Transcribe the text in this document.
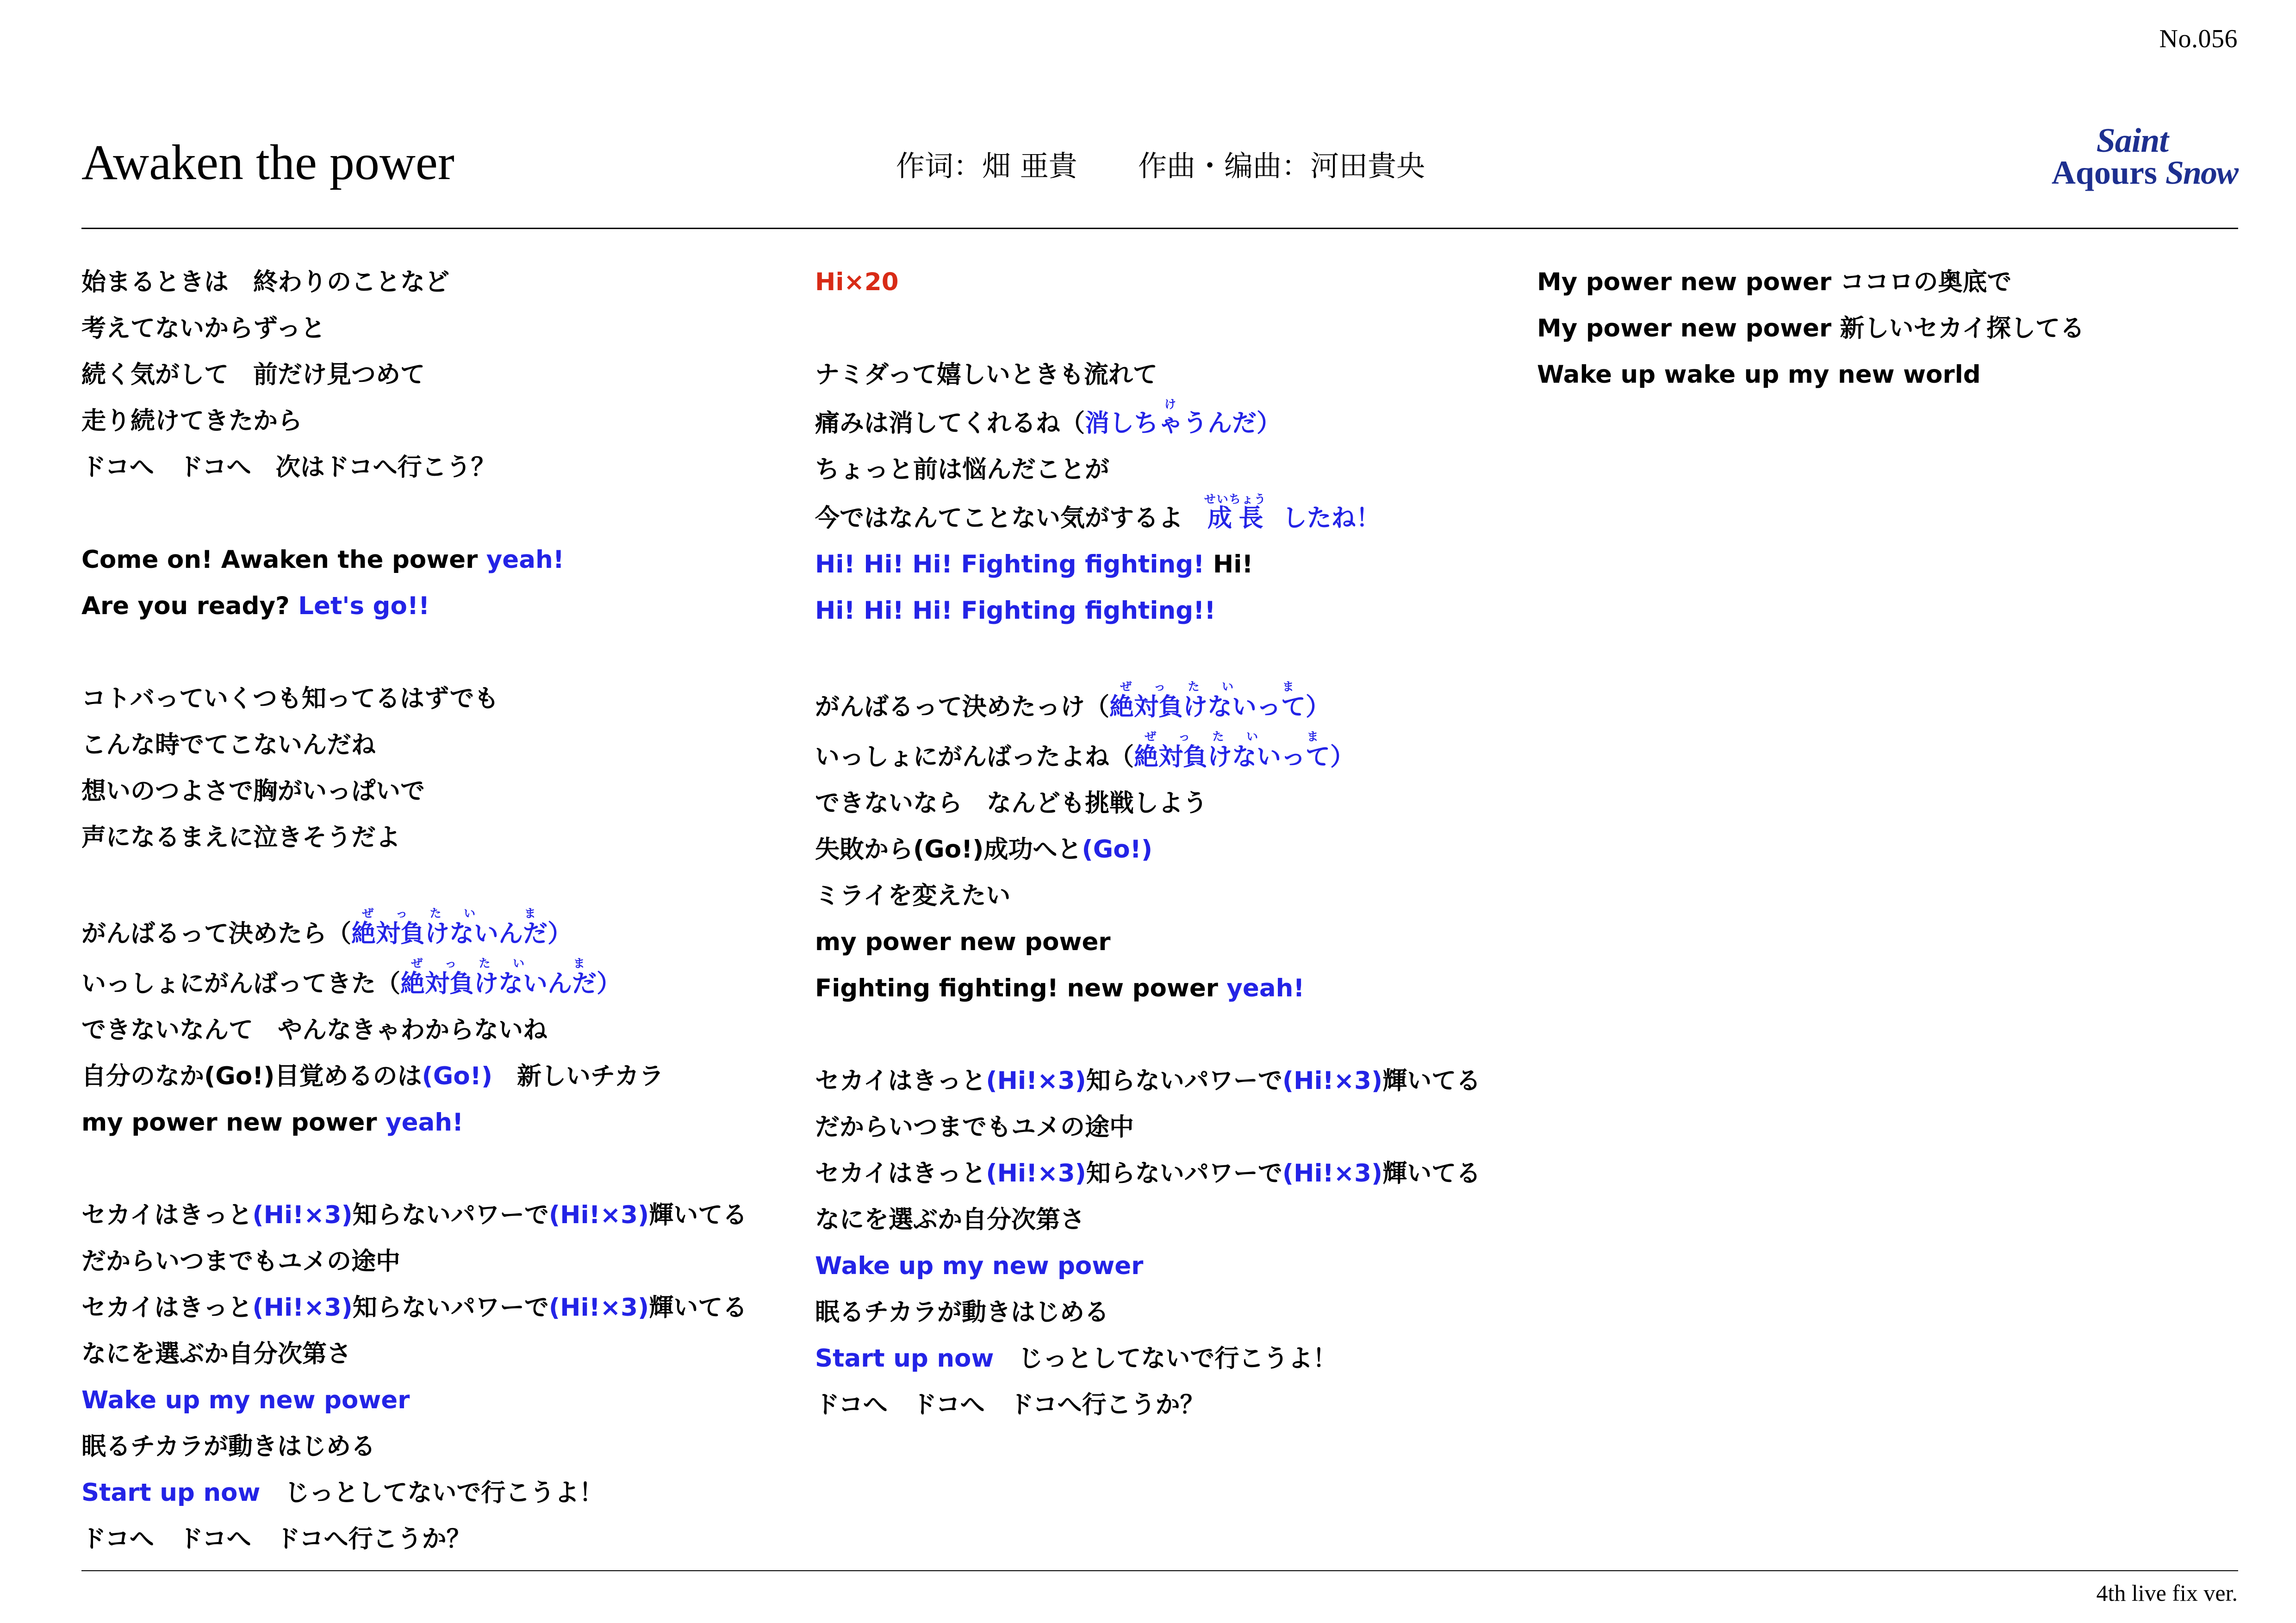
No.056
Awaken the power	作词：畑 亜貴 作曲・编曲：河田貴央
Saint
Aqours Snow
始まるときは　終わりのことなど
考えてないからずっと
続く気がして　前だけ見つめて
走り続けてきたから
ドコへ　ドコへ　次はドコへ行こう？
Come on! Awaken the power yeah!
Are you ready? Let's go!!
コトバっていくつも知ってるはずでも
こんな時でてこないんだね
想いのつよさで胸がいっぱいで
声になるまえに泣きそうだよ
がんばるって決めたら（絶対負けないんだぜったい ま）
いっしょにがんばってきた（絶対負けないんだぜったい ま）
できないなんて　やんなきゃわからないね
自分のなか(Go!)目覚めるのは(Go!)　新しいチカラ
my power new power yeah!
セカイはきっと(Hi!×3)知らないパワーで(Hi!×3)輝いてる
だからいつまでもユメの途中
セカイはきっと(Hi!×3)知らないパワーで(Hi!×3)輝いてる
なにを選ぶか自分次第さ
Wake up my new power
眠るチカラが動きはじめる
Start up now　じっとしてないで行こうよ！
ドコへ　ドコへ　ドコへ行こうか？
Hi×20
ナミダって嬉しいときも流れて
痛みは消してくれるね（消しちゃうんだけ）
ちょっと前は悩んだことが
今ではなんてことない気がするよ　成長せいちょうしたね！
Hi! Hi! Hi! Fighting fighting! Hi!
Hi! Hi! Hi! Fighting fighting!!
がんばるって決めたっけ（絶対負けないってぜったい ま）
いっしょにがんばったよね（絶対負けないってぜったい ま）
できないなら　なんども挑戦しよう
失敗から(Go!)成功へと(Go!)
ミライを変えたい
my power new power
Fighting fighting! new power yeah!
セカイはきっと(Hi!×3)知らないパワーで(Hi!×3)輝いてる
だからいつまでもユメの途中
セカイはきっと(Hi!×3)知らないパワーで(Hi!×3)輝いてる
なにを選ぶか自分次第さ
Wake up my new power
眠るチカラが動きはじめる
Start up now　じっとしてないで行こうよ！
ドコへ　ドコへ　ドコへ行こうか？
My power new power ココロの奥底で
My power new power 新しいセカイ探してる
Wake up wake up my new world
4th live fix ver.
